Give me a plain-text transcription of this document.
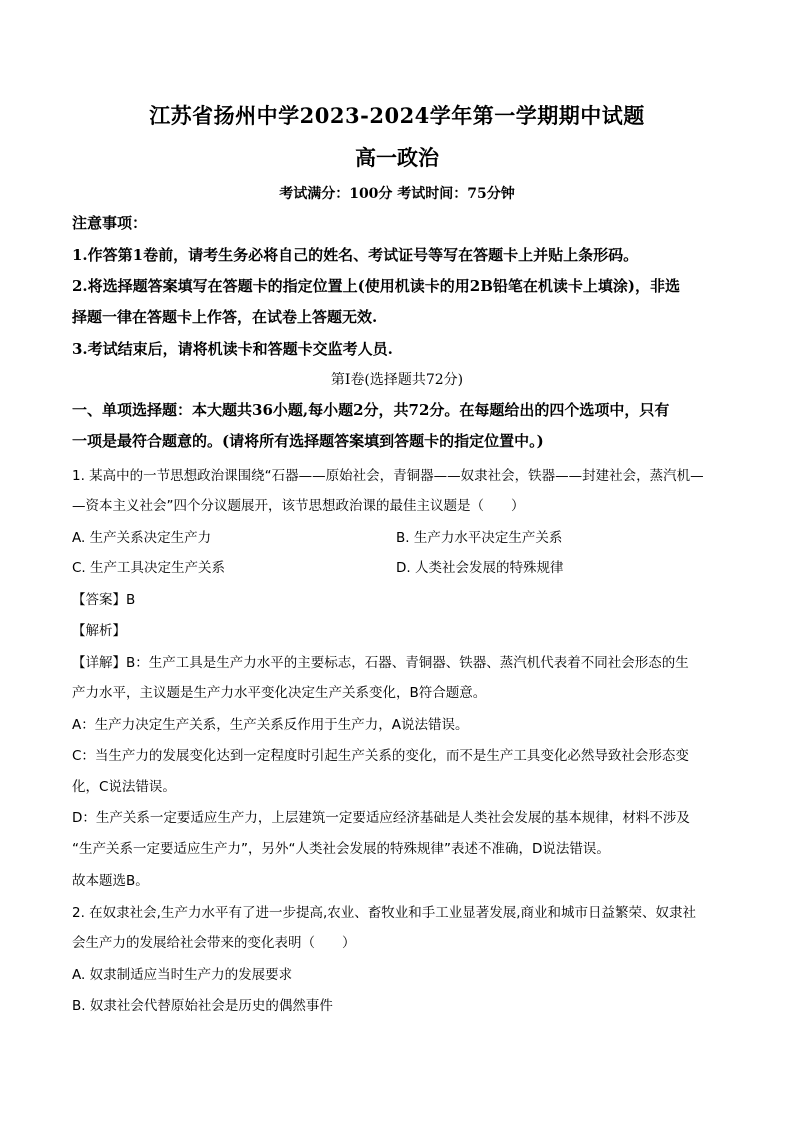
江苏省扬州中学2023-2024学年第一学期期中试题
高一政治
考试满分：100分 考试时间：75分钟
注意事项：
1.作答第1卷前，请考生务必将自己的姓名、考试证号等写在答题卡上并贴上条形码。
2.将选择题答案填写在答题卡的指定位置上(使用机读卡的用2B铅笔在机读卡上填涂)，非选
择题一律在答题卡上作答，在试卷上答题无效.
3.考试结束后，请将机读卡和答题卡交监考人员.
第Ⅰ卷(选择题共72分)
一、单项选择题：本大题共36小题,每小题2分，共72分。在每题给出的四个选项中，只有
一项是最符合题意的。(请将所有选择题答案填到答题卡的指定位置中。)
1. 某高中的一节思想政治课围绕“石器——原始社会，青铜器——奴隶社会，铁器——封建社会，蒸汽机—
—资本主义社会”四个分议题展开，该节思想政治课的最佳主议题是（　　）
A. 生产关系决定生产力	B. 生产力水平决定生产关系
C. 生产工具决定生产关系	D. 人类社会发展的特殊规律
【答案】B
【解析】
【详解】B：生产工具是生产力水平的主要标志，石器、青铜器、铁器、蒸汽机代表着不同社会形态的生
产力水平，主议题是生产力水平变化决定生产关系变化，B符合题意。
A：生产力决定生产关系，生产关系反作用于生产力，A说法错误。
C：当生产力的发展变化达到一定程度时引起生产关系的变化，而不是生产工具变化必然导致社会形态变
化，C说法错误。
D：生产关系一定要适应生产力，上层建筑一定要适应经济基础是人类社会发展的基本规律，材料不涉及
“生产关系一定要适应生产力”，另外“人类社会发展的特殊规律”表述不准确，D说法错误。
故本题选B。
2. 在奴隶社会,生产力水平有了进一步提高,农业、畜牧业和手工业显著发展,商业和城市日益繁荣、奴隶社
会生产力的发展给社会带来的变化表明（　　）
A. 奴隶制适应当时生产力的发展要求
B. 奴隶社会代替原始社会是历史的偶然事件
